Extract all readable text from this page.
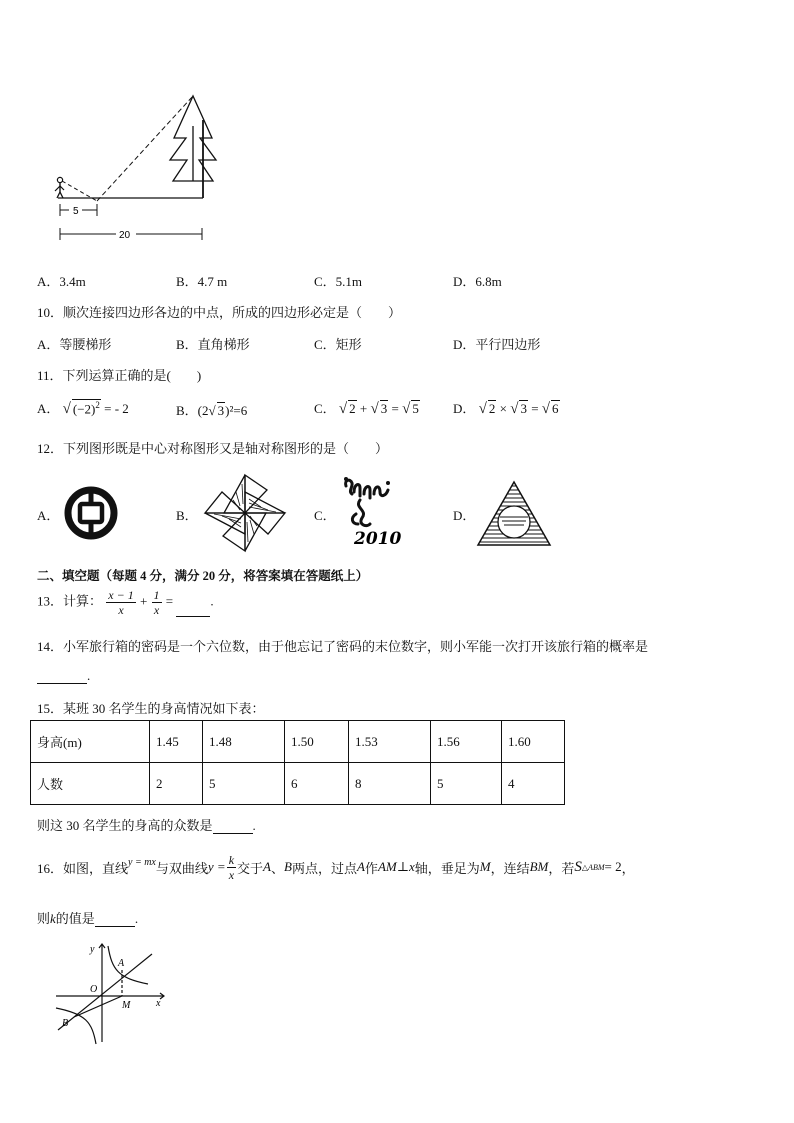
5
20
A．3.4m	B．4.7 m	C．5.1m	D．6.8m
10．顺次连接四边形各边的中点，所成的四边形必定是（　　）
A．等腰梯形	B．直角梯形	C．矩形	D．平行四边形
11．下列运算正确的是(　　)
A． √ $(-2)^2$ = - 2	B．(2√ 3)²=6	C． √ 2 + √ 3 = √ 5	D． √ 2 × √ 3 = √ 6
12．下列图形既是中心对称图形又是轴对称图形的是（　　）
A．	B．	C．	D．
2010
二、填空题（每题 4 分，满分 20 分，将答案填在答题纸上）
13．计算： $\frac{x - 1}{x} + \frac{1}{x}$ =	.
14．小军旅行箱的密码是一个六位数，由于他忘记了密码的末位数字，则小军能一次打开该旅行箱的概率是
.
15．某班 30 名学生的身高情况如下表：
身高(m)	1.45	1.48	1.50	1.53	1.56	1.60
人数	2	5	6	8	5	4
则这 30 名学生的身高的众数是	.
16．如图，直线 y = mx 与双曲线 $y = \frac{k}{x}$ 交于 A 、 B 两点，过点 A 作 AM ⊥ x 轴，垂足为 M ，连结 BM ，若 S △ABM = 2 ，
则k的值是	.
y
x
A
O
M
B
